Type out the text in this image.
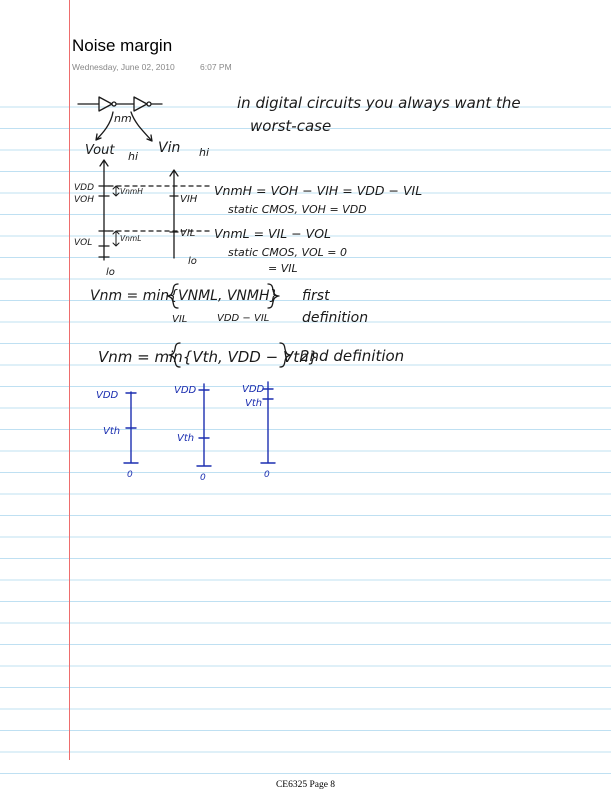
Noise margin
Wednesday, June 02, 2010	6:07 PM
nm
in digital circuits you always want the
worst-case
Vout hi
Vin hi
VDD
VOH
VnmH
VIH
VnmL
VOL
VIL
lo
lo
VnmH = VOH − VIH = VDD − VIL
static CMOS, VOH = VDD
VnmL = VIL − VOL
static CMOS, VOL = 0
= VIL
Vnm = min{VNML, VNMH}
VIL	VDD − VIL
first
definition
Vnm = min{Vth, VDD − Vth}
2nd definition
VDD
Vth
0
VDD
Vth
0
VDD
Vth
0
CE6325 Page 8
